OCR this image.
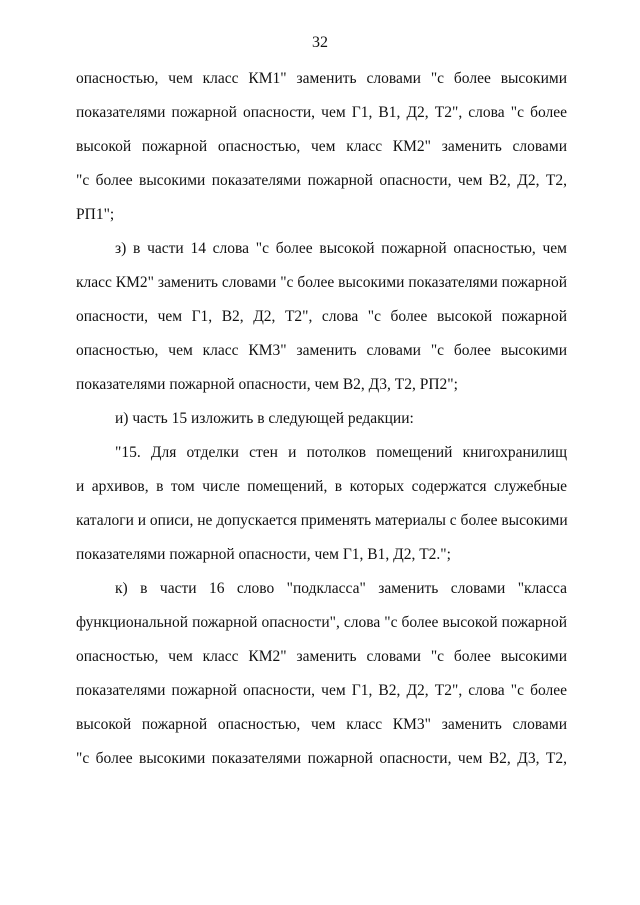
32
опасностью, чем класс КМ1" заменить словами "с более высокими
показателями пожарной опасности, чем Г1, В1, Д2, Т2", слова "с более
высокой пожарной опасностью, чем класс КМ2" заменить словами
"с более высокими показателями пожарной опасности, чем В2, Д2, Т2,
РП1";
з) в части 14 слова "с более высокой пожарной опасностью, чем
класс КМ2" заменить словами "с более высокими показателями пожарной
опасности, чем Г1, В2, Д2, Т2", слова "с более высокой пожарной
опасностью, чем класс КМ3" заменить словами "с более высокими
показателями пожарной опасности, чем В2, Д3, Т2, РП2";
и) часть 15 изложить в следующей редакции:
"15. Для отделки стен и потолков помещений книгохранилищ
и архивов, в том числе помещений, в которых содержатся служебные
каталоги и описи, не допускается применять материалы с более высокими
показателями пожарной опасности, чем Г1, В1, Д2, Т2.";
к) в части 16 слово "подкласса" заменить словами "класса
функциональной пожарной опасности", слова "с более высокой пожарной
опасностью, чем класс КМ2" заменить словами "с более высокими
показателями пожарной опасности, чем Г1, В2, Д2, Т2", слова "с более
высокой пожарной опасностью, чем класс КМ3" заменить словами
"с более высокими показателями пожарной опасности, чем В2, Д3, Т2,
